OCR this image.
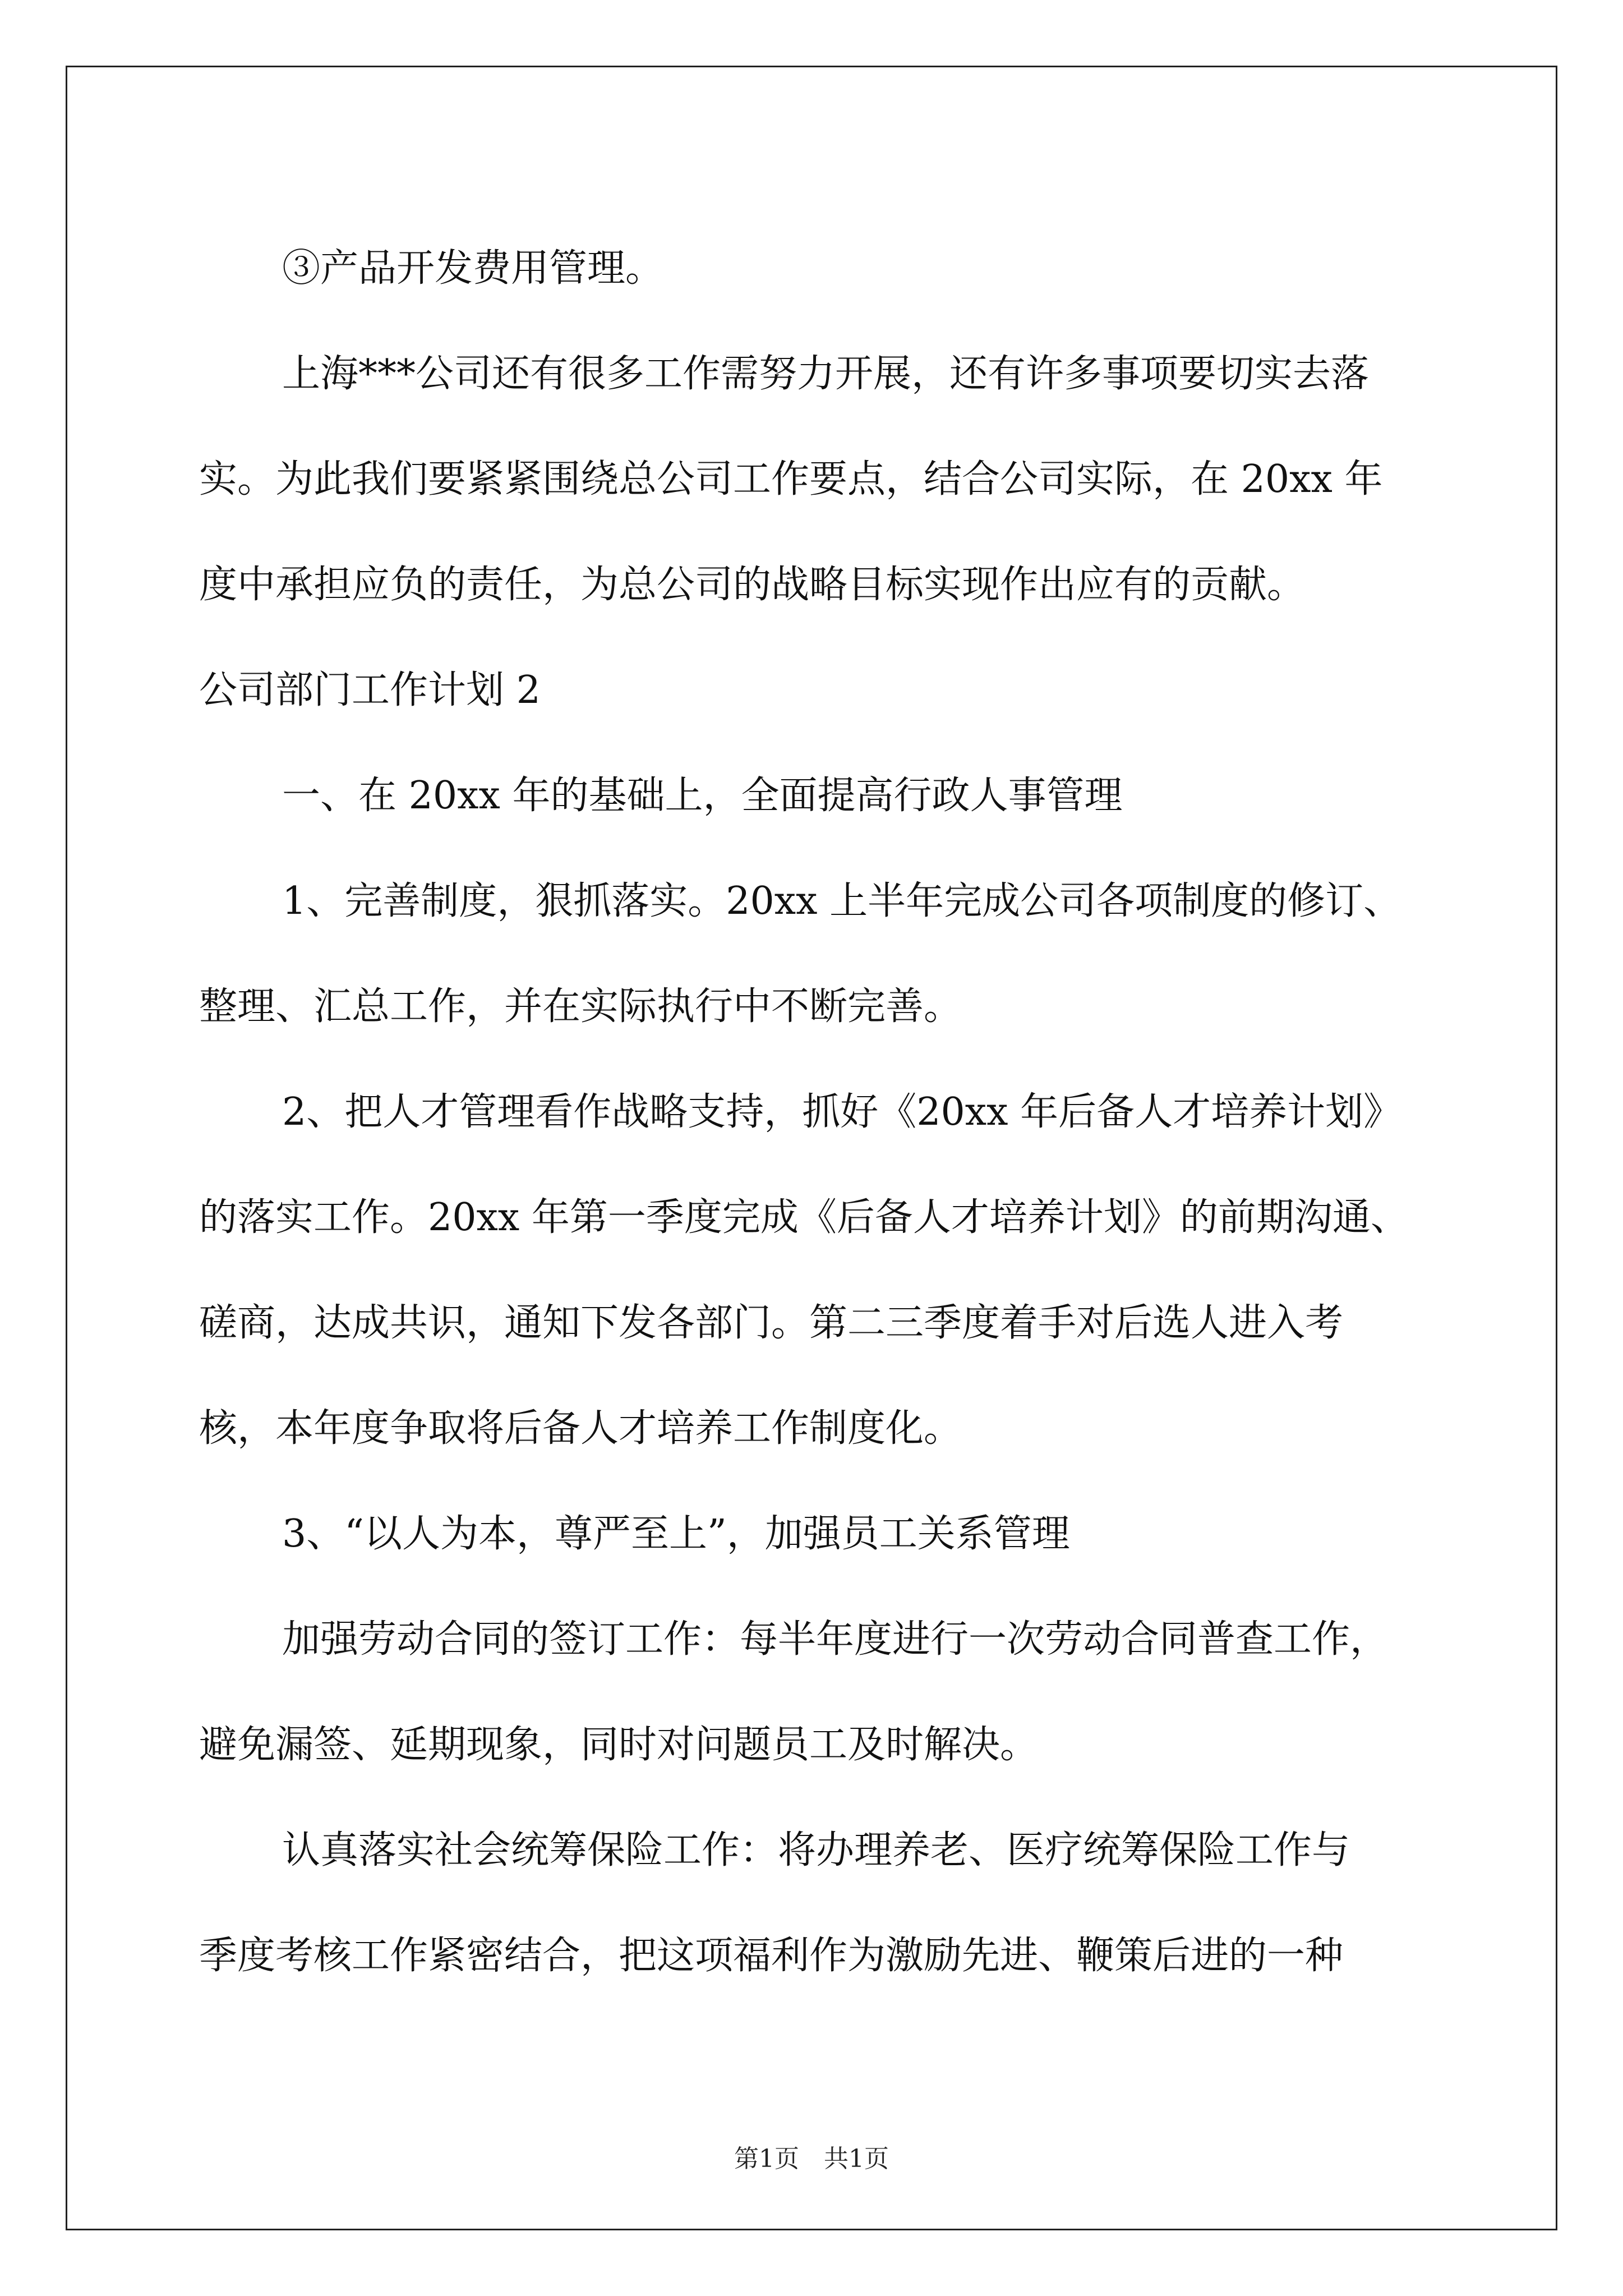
③产品开发费用管理。
上海***公司还有很多工作需努力开展，还有许多事项要切实去落
实。为此我们要紧紧围绕总公司工作要点，结合公司实际，在 20xx 年
度中承担应负的责任，为总公司的战略目标实现作出应有的贡献。
公司部门工作计划 2
一、在 20xx 年的基础上，全面提高行政人事管理
1、完善制度，狠抓落实。20xx 上半年完成公司各项制度的修订、
整理、汇总工作，并在实际执行中不断完善。
2、把人才管理看作战略支持，抓好《20xx 年后备人才培养计划》
的落实工作。20xx 年第一季度完成《后备人才培养计划》的前期沟通、
磋商，达成共识，通知下发各部门。第二三季度着手对后选人进入考
核，本年度争取将后备人才培养工作制度化。
3、“以人为本，尊严至上”，加强员工关系管理
加强劳动合同的签订工作：每半年度进行一次劳动合同普查工作，
避免漏签、延期现象，同时对问题员工及时解决。
认真落实社会统筹保险工作：将办理养老、医疗统筹保险工作与
季度考核工作紧密结合，把这项福利作为激励先进、鞭策后进的一种
第1页　共1页
